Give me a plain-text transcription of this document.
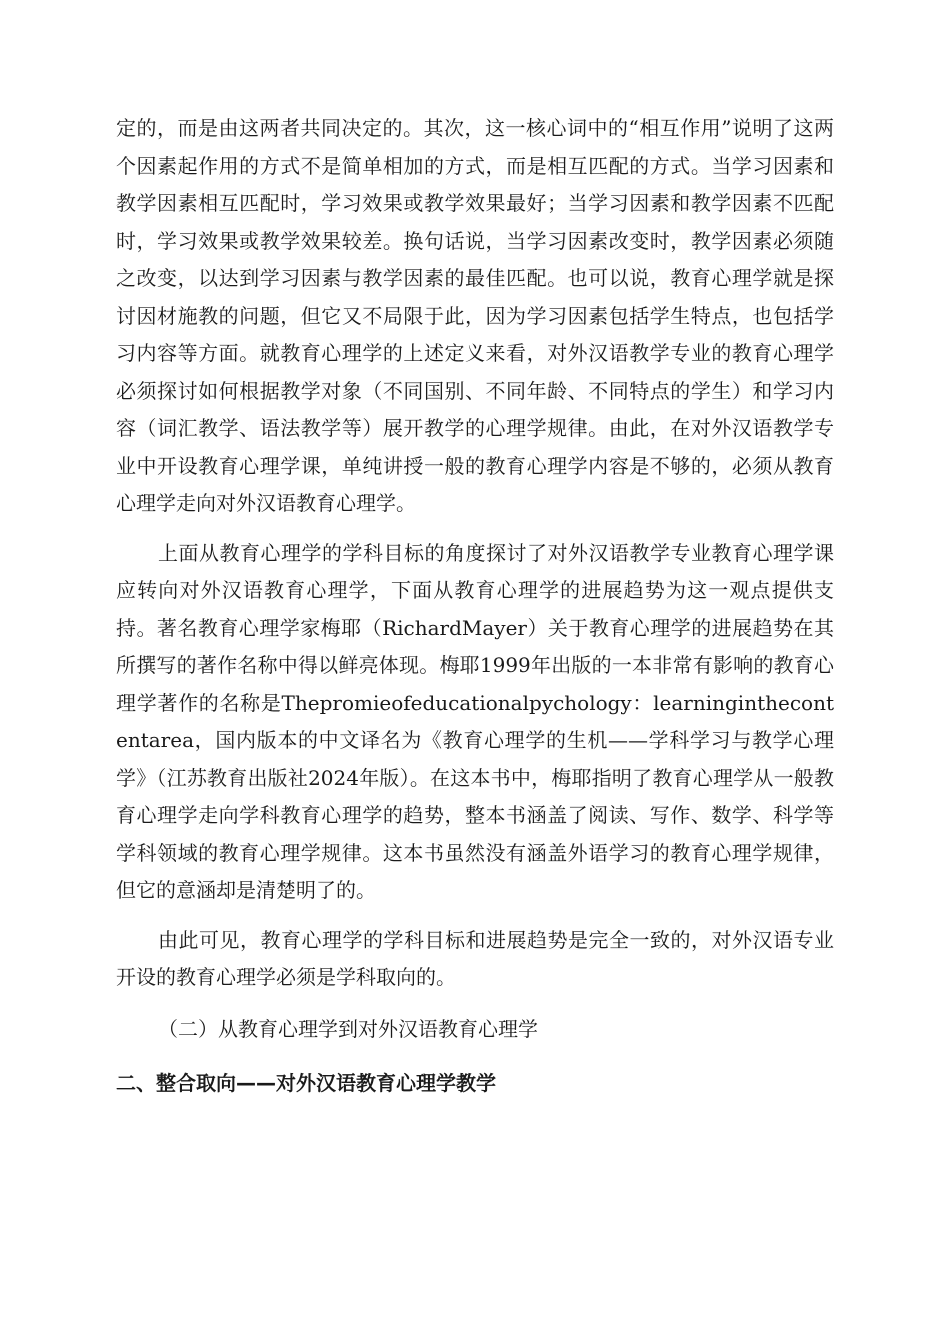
定的，而是由这两者共同决定的。其次，这一核心词中的“相互作用”说明了这两个因素起作用的方式不是简单相加的方式，而是相互匹配的方式。当学习因素和教学因素相互匹配时，学习效果或教学效果最好；当学习因素和教学因素不匹配时，学习效果或教学效果较差。换句话说，当学习因素改变时，教学因素必须随之改变，以达到学习因素与教学因素的最佳匹配。也可以说，教育心理学就是探讨因材施教的问题，但它又不局限于此，因为学习因素包括学生特点，也包括学习内容等方面。就教育心理学的上述定义来看，对外汉语教学专业的教育心理学必须探讨如何根据教学对象（不同国别、不同年龄、不同特点的学生）和学习内容（词汇教学、语法教学等）展开教学的心理学规律。由此，在对外汉语教学专业中开设教育心理学课，单纯讲授一般的教育心理学内容是不够的，必须从教育心理学走向对外汉语教育心理学。

上面从教育心理学的学科目标的角度探讨了对外汉语教学专业教育心理学课应转向对外汉语教育心理学，下面从教育心理学的进展趋势为这一观点提供支持。著名教育心理学家梅耶（RichardMayer）关于教育心理学的进展趋势在其所撰写的著作名称中得以鲜亮体现。梅耶1999年出版的一本非常有影响的教育心理学著作的名称是Thepromieofeducationalpychology：learninginthecontentarea，国内版本的中文译名为《教育心理学的生机——学科学习与教学心理学》（江苏教育出版社2024年版）。在这本书中，梅耶指明了教育心理学从一般教育心理学走向学科教育心理学的趋势，整本书涵盖了阅读、写作、数学、科学等学科领域的教育心理学规律。这本书虽然没有涵盖外语学习的教育心理学规律，但它的意涵却是清楚明了的。

由此可见，教育心理学的学科目标和进展趋势是完全一致的，对外汉语专业开设的教育心理学必须是学科取向的。

（二）从教育心理学到对外汉语教育心理学

二、整合取向——对外汉语教育心理学教学
